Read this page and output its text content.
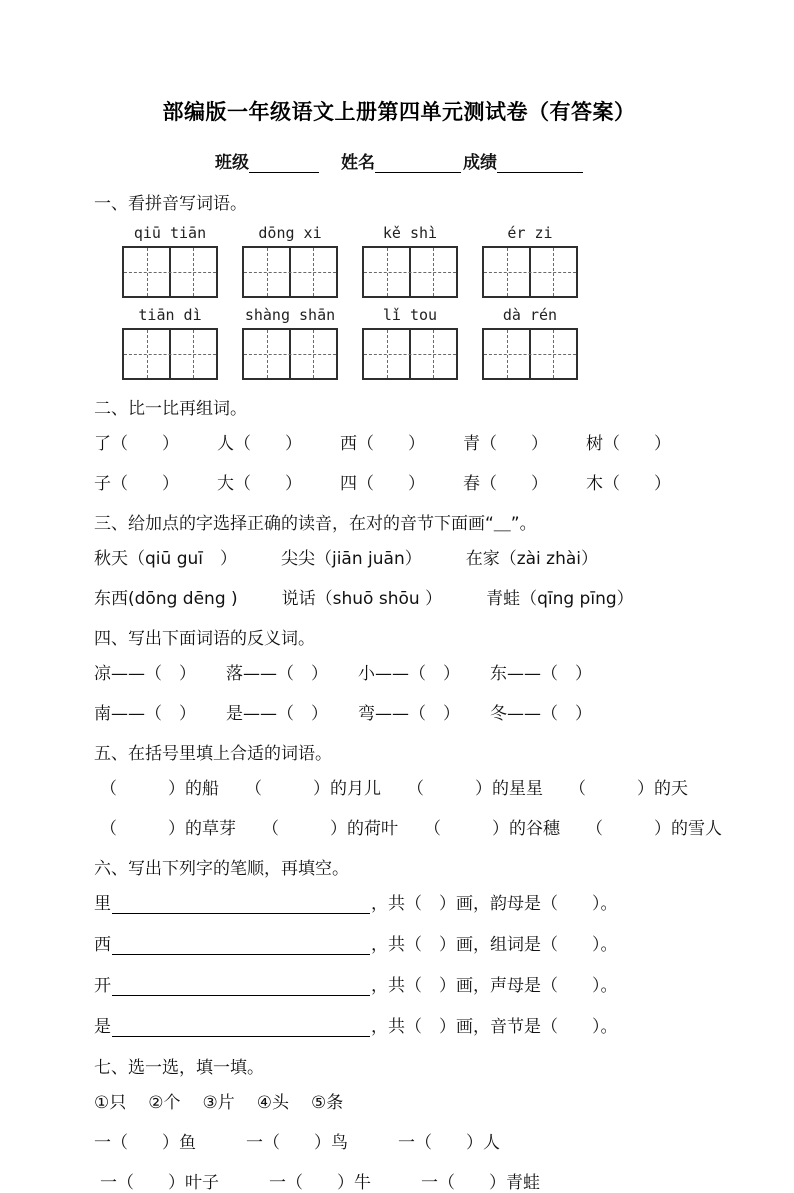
部编版一年级语文上册第四单元测试卷（有答案）
班级	姓名	成绩
一、看拼音写词语。
qiū tiān	dōng xi	kě shì	ér zi
tiān dì	shàng shān	lǐ tou	dà rén
二、比一比再组词。
了（　　） 人（　　） 西（　　） 青（　　） 树（　　）
子（　　） 大（　　） 四（　　） 春（　　） 木（　　）
三、给加点的字选择正确的读音，在对的音节下面画“＿”。
秋天（qiū guī　）	尖尖（jiān juān）	在家（zài zhài）
东西(dōng dēng )	说话（shuō shōu ）	青蛙（qīng pīng）
四、写出下面词语的反义词。
凉——（　） 落——（　） 小——（　） 东——（　）
南——（　） 是——（　） 弯——（　） 冬——（　）
五、在括号里填上合适的词语。
（　　　）的船 （　　　）的月儿 （　　　）的星星 （　　　）的天
（　　　）的草芽 （　　　）的荷叶 （　　　）的谷穗 （　　　）的雪人
六、写出下列字的笔顺，再填空。
里	，共（　）画，韵母是（　　）。
西	，共（　）画，组词是（　　）。
开	，共（　）画，声母是（　　）。
是	，共（　）画，音节是（　　）。
七、选一选，填一填。
①只 ②个 ③片 ④头 ⑤条
一（　　）鱼	一（　　）鸟	一（　　）人
一（　　）叶子	一（　　）牛	一（　　）青蛙
